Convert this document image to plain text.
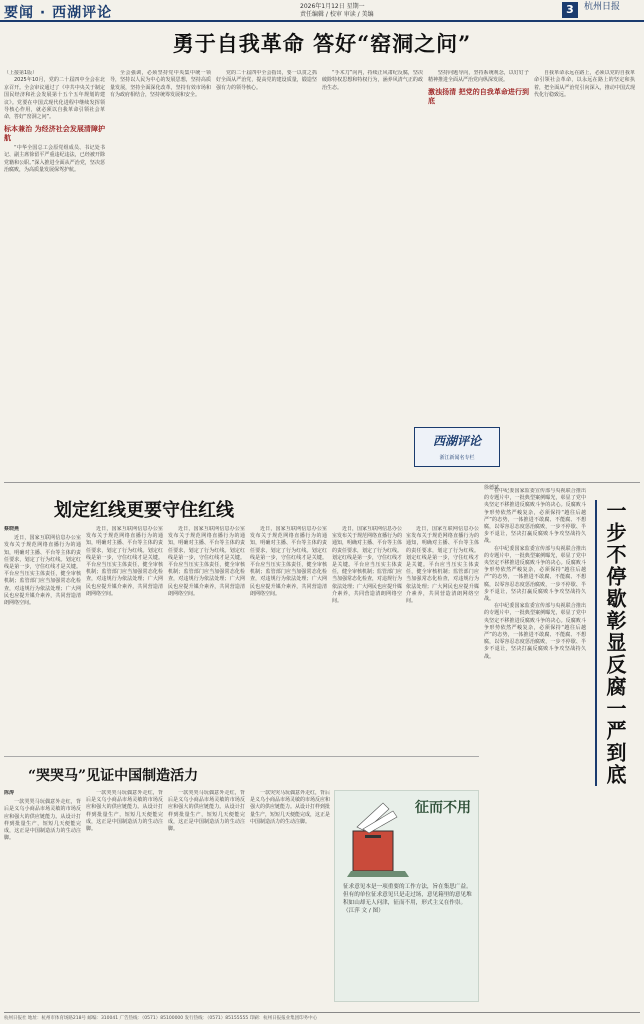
要闻 · 西湖评论	2026年1月12日 星期一
责任编辑 / 校审 审读 / 美编	3	杭州日报
勇于自我革命 答好“窑洞之问”
（上接第1版）

2025年10月，党的二十届四中全会在北京召开。全会审议通过了《中共中央关于制定国民经济和社会发展第十五个五年规划的建议》。党要在中国式现代化进程中继续发挥领导核心作用，就必须以自我革命引领社会革命，答好“窑洞之问”。

标本兼治 为经济社会发展清障护航

“中华全国总工会原党组成员、书记处书记、副主席徐留平严重违纪违法，已经被开除党籍和公职。”深入推进全面从严治党，坚决惩治腐败，为高质量发展保驾护航。

全会强调，必须坚持党中央集中统一领导，坚持以人民为中心的发展思想，坚持高质量发展，坚持全面深化改革，坚持有效市场和有为政府相结合，坚持统筹发展和安全。

党的二十届四中全会指出，要一以贯之抓好全面从严治党，提高党的建设质量，锻造坚强有力的领导核心。

“手术刀”向内，持续正风肃纪反腐，坚决破除特权思想和特权行为，涵养风清气正的政治生态。

坚持问题导向，坚持系统观念，以钉钉子精神推进全面从严治党向纵深发展。

激浊扬清 把党的自我革命进行到底

自我革命永远在路上，必须以党的自我革命引领社会革命，以永远在路上的坚定和执着，把全面从严治党引向深入，推动中国式现代化行稳致远。

西湖评论
浙江新闻名专栏
划定红线更要守住红线
蔡晓燕

近日，国家互联网信息办公室发布关于规范网络直播行为的通知，明确对主播、平台等主体的责任要求，划定了行为红线。划定红线是第一步，守住红线才是关键。平台应当压实主体责任，健全审核机制；监管部门应当加强常态化检查，对违规行为依法处理；广大网民也应提升媒介素养，共同营造清朗网络空间。

近日，国家互联网信息办公室发布关于规范网络直播行为的通知，明确对主播、平台等主体的责任要求，划定了行为红线。划定红线是第一步，守住红线才是关键。平台应当压实主体责任，健全审核机制；监管部门应当加强常态化检查，对违规行为依法处理；广大网民也应提升媒介素养，共同营造清朗网络空间。

近日，国家互联网信息办公室发布关于规范网络直播行为的通知，明确对主播、平台等主体的责任要求，划定了行为红线。划定红线是第一步，守住红线才是关键。平台应当压实主体责任，健全审核机制；监管部门应当加强常态化检查，对违规行为依法处理；广大网民也应提升媒介素养，共同营造清朗网络空间。

近日，国家互联网信息办公室发布关于规范网络直播行为的通知，明确对主播、平台等主体的责任要求，划定了行为红线。划定红线是第一步，守住红线才是关键。平台应当压实主体责任，健全审核机制；监管部门应当加强常态化检查，对违规行为依法处理；广大网民也应提升媒介素养，共同营造清朗网络空间。

近日，国家互联网信息办公室发布关于规范网络直播行为的通知，明确对主播、平台等主体的责任要求，划定了行为红线。划定红线是第一步，守住红线才是关键。平台应当压实主体责任，健全审核机制；监管部门应当加强常态化检查，对违规行为依法处理；广大网民也应提升媒介素养，共同营造清朗网络空间。

近日，国家互联网信息办公室发布关于规范网络直播行为的通知，明确对主播、平台等主体的责任要求，划定了行为红线。划定红线是第一步，守住红线才是关键。平台应当压实主体责任，健全审核机制；监管部门应当加强常态化检查，对违规行为依法处理；广大网民也应提升媒介素养，共同营造清朗网络空间。

“哭哭马”见证中国制造活力
陈涛

一款哭哭马玩偶意外走红，背后是义乌小商品市场灵敏的市场反应和强大的供应链能力。从设计打样到批量生产，短短几天便能完成，这正是中国制造活力的生动注脚。

一款哭哭马玩偶意外走红，背后是义乌小商品市场灵敏的市场反应和强大的供应链能力。从设计打样到批量生产，短短几天便能完成，这正是中国制造活力的生动注脚。

一款哭哭马玩偶意外走红，背后是义乌小商品市场灵敏的市场反应和强大的供应链能力。从设计打样到批量生产，短短几天便能完成，这正是中国制造活力的生动注脚。

一款哭哭马玩偶意外走红，背后是义乌小商品市场灵敏的市场反应和强大的供应链能力。从设计打样到批量生产，短短几天便能完成，这正是中国制造活力的生动注脚。

征而不用
征求意见本是一项重要的工作方法，旨在集思广益。但有的单位征求意见只是走过场，意见箱里的意见堆积如山却无人问津，征而不用，形式主义在作祟。（江萍 文 / 图）
徐德斌

在中纪委国家监委宣传部与央视联合推出的专题片中，一批典型案例曝光，彰显了党中央坚定不移推进反腐败斗争的决心。反腐败斗争形势依然严峻复杂，必须保持“越往后越严”的态势，一体推进不敢腐、不能腐、不想腐，以零容忍态度惩治腐败，一步不停歇、半步不退让，坚决打赢反腐败斗争攻坚战持久战。

在中纪委国家监委宣传部与央视联合推出的专题片中，一批典型案例曝光，彰显了党中央坚定不移推进反腐败斗争的决心。反腐败斗争形势依然严峻复杂，必须保持“越往后越严”的态势，一体推进不敢腐、不能腐、不想腐，以零容忍态度惩治腐败，一步不停歇、半步不退让，坚决打赢反腐败斗争攻坚战持久战。

在中纪委国家监委宣传部与央视联合推出的专题片中，一批典型案例曝光，彰显了党中央坚定不移推进反腐败斗争的决心。反腐败斗争形势依然严峻复杂，必须保持“越往后越严”的态势，一体推进不敢腐、不能腐、不想腐，以零容忍态度惩治腐败，一步不停歇、半步不退让，坚决打赢反腐败斗争攻坚战持久战。	一步不停歇彰显反腐一严到底
杭州日报社 地址：杭州市体育场路218号 邮编：310041 广告热线：（0571）85100000 发行热线：（0571）85155555 印刷：杭州日报报业集团印务中心
